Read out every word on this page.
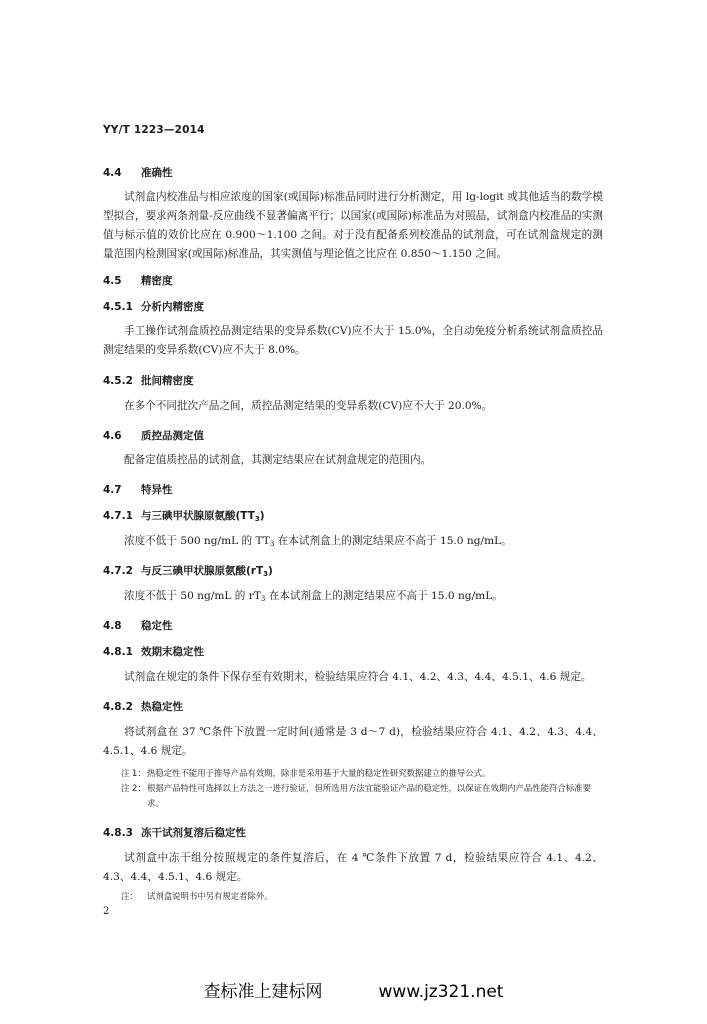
YY/T 1223—2014
4.4 准确性
试剂盒内校准品与相应浓度的国家(或国际)标准品同时进行分析测定，用 lg-logit 或其他适当的数学模型拟合，要求两条剂量-反应曲线不显著偏离平行；以国家(或国际)标准品为对照品，试剂盒内校准品的实测值与标示值的效价比应在 0.900～1.100 之间。对于没有配备系列校准品的试剂盒，可在试剂盒规定的测量范围内检测国家(或国际)标准品，其实测值与理论值之比应在 0.850～1.150 之间。
4.5 精密度
4.5.1 分析内精密度
手工操作试剂盒质控品测定结果的变异系数(CV)应不大于 15.0%，全自动免疫分析系统试剂盒质控品测定结果的变异系数(CV)应不大于 8.0%。
4.5.2 批间精密度
在多个不同批次产品之间，质控品测定结果的变异系数(CV)应不大于 20.0%。
4.6 质控品测定值
配备定值质控品的试剂盒，其测定结果应在试剂盒规定的范围内。
4.7 特异性
4.7.1 与三碘甲状腺原氨酸$(TT_3)$
浓度不低于 500 ng/mL 的 $TT_3$ 在本试剂盒上的测定结果应不高于 15.0 ng/mL。
4.7.2 与反三碘甲状腺原氨酸$(rT_3)$
浓度不低于 50 ng/mL 的 $rT_3$ 在本试剂盒上的测定结果应不高于 15.0 ng/mL。
4.8 稳定性
4.8.1 效期末稳定性
试剂盒在规定的条件下保存至有效期末，检验结果应符合 4.1、4.2、4.3、4.4、4.5.1、4.6 规定。
4.8.2 热稳定性
将试剂盒在 37 ℃条件下放置一定时间(通常是 3 d～7 d)，检验结果应符合 4.1、4.2、4.3、4.4、4.5.1、4.6 规定。
注 1：热稳定性不能用于推导产品有效期，除非是采用基于大量的稳定性研究数据建立的推导公式。
注 2：根据产品特性可选择以上方法之一进行验证，但所选用方法宜能验证产品的稳定性，以保证在效期内产品性能符合标准要求。
4.8.3 冻干试剂复溶后稳定性
试剂盒中冻干组分按照规定的条件复溶后，在 4 ℃条件下放置 7 d，检验结果应符合 4.1、4.2、4.3、4.4、4.5.1、4.6 规定。
注： 试剂盒说明书中另有规定者除外。
2
查标准上建标网	www.jz321.net
